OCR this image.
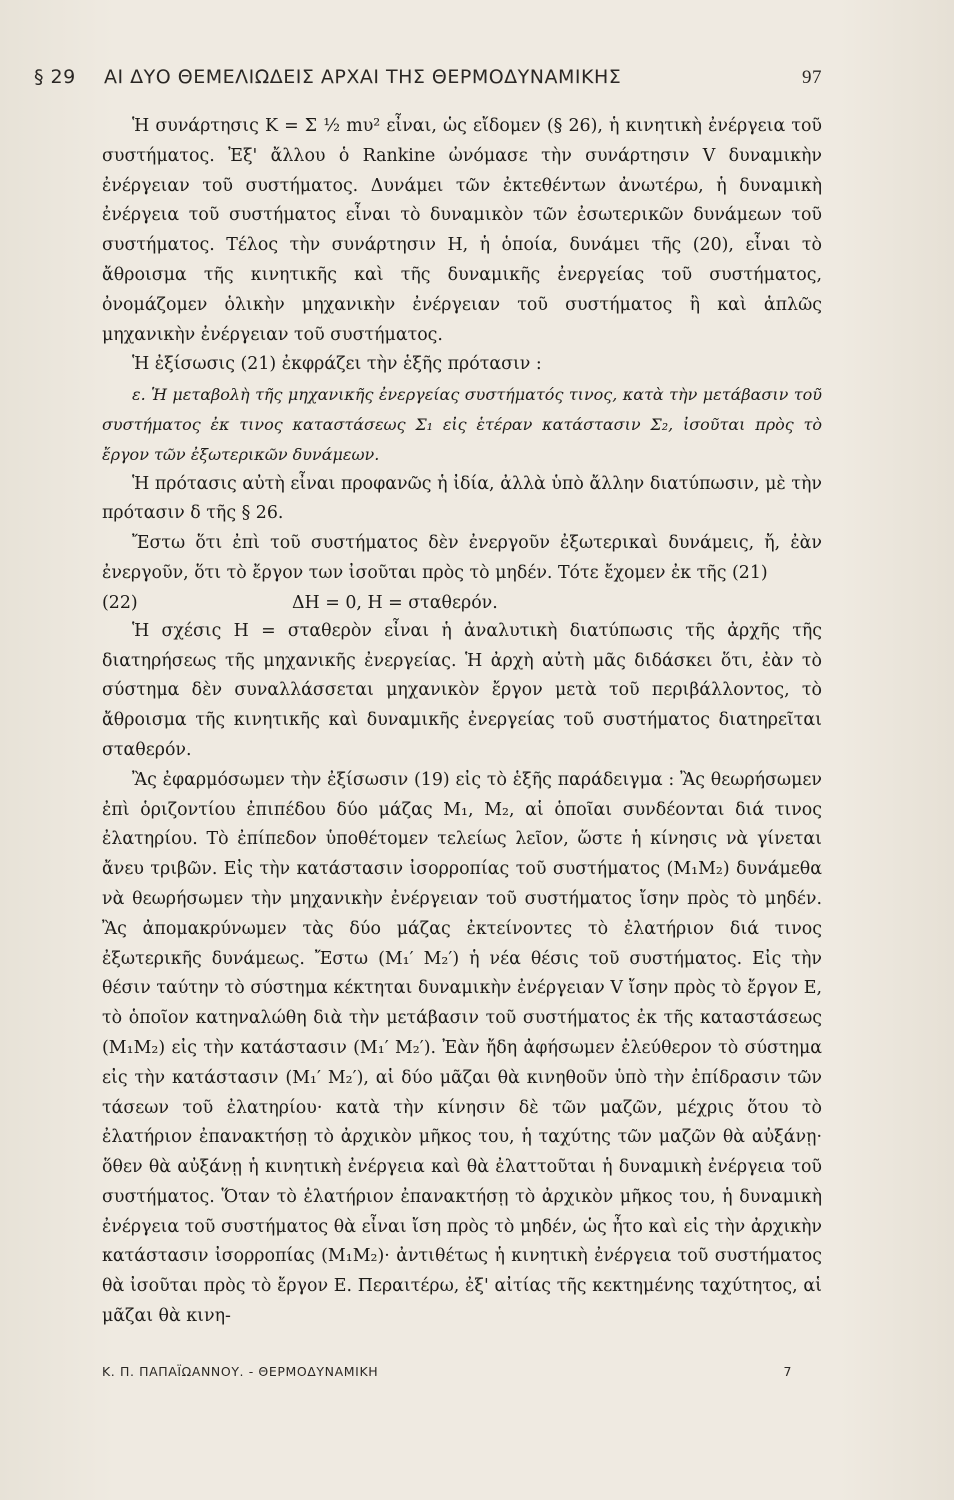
§ 29	ΑΙ ΔΥΟ ΘΕΜΕΛΙΩΔΕΙΣ ΑΡΧΑΙ ΤΗΣ ΘΕΡΜΟΔΥΝΑΜΙΚΗΣ	97

Ἡ συνάρτησις K = Σ ½ mυ² εἶναι, ὡς εἴδομεν (§ 26), ἡ κινητικὴ ἐνέργεια τοῦ συστήματος. Ἐξ' ἄλλου ὁ Rankine ὠνόμασε τὴν συνάρτησιν V δυναμικὴν ἐνέργειαν τοῦ συστήματος. Δυνάμει τῶν ἐκτεθέντων ἀνωτέρω, ἡ δυναμικὴ ἐνέργεια τοῦ συστήματος εἶναι τὸ δυναμικὸν τῶν ἐσωτερικῶν δυνάμεων τοῦ συστήματος. Τέλος τὴν συνάρτησιν H, ἡ ὁποία, δυνάμει τῆς (20), εἶναι τὸ ἄθροισμα τῆς κινητικῆς καὶ τῆς δυναμικῆς ἐνεργείας τοῦ συστήματος, ὀνομάζομεν ὁλικὴν μηχανικὴν ἐνέργειαν τοῦ συστήματος ἢ καὶ ἁπλῶς μηχανικὴν ἐνέργειαν τοῦ συστήματος.

Ἡ ἐξίσωσις (21) ἐκφράζει τὴν ἑξῆς πρότασιν :

ε. Ἡ μεταβολὴ τῆς μηχανικῆς ἐνεργείας συστήματός τινος, κατὰ τὴν μετάβασιν τοῦ συστήματος ἐκ τινος καταστάσεως Σ₁ εἰς ἑτέραν κατάστασιν Σ₂, ἰσοῦται πρὸς τὸ ἔργον τῶν ἐξωτερικῶν δυνάμεων.

Ἡ πρότασις αὐτὴ εἶναι προφανῶς ἡ ἰδία, ἀλλὰ ὑπὸ ἄλλην διατύπωσιν, μὲ τὴν πρότασιν δ τῆς § 26.

Ἔστω ὅτι ἐπὶ τοῦ συστήματος δὲν ἐνεργοῦν ἐξωτερικαὶ δυνάμεις, ἤ, ἐὰν ἐνεργοῦν, ὅτι τὸ ἔργον των ἰσοῦται πρὸς τὸ μηδέν. Τότε ἔχομεν ἐκ τῆς (21)

(22)	ΔH = 0, H = σταθερόν.

Ἡ σχέσις H = σταθερὸν εἶναι ἡ ἀναλυτικὴ διατύπωσις τῆς ἀρχῆς τῆς διατηρήσεως τῆς μηχανικῆς ἐνεργείας. Ἡ ἀρχὴ αὐτὴ μᾶς διδάσκει ὅτι, ἐὰν τὸ σύστημα δὲν συναλλάσσεται μηχανικὸν ἔργον μετὰ τοῦ περιβάλλοντος, τὸ ἄθροισμα τῆς κινητικῆς καὶ δυναμικῆς ἐνεργείας τοῦ συστήματος διατηρεῖται σταθερόν.

Ἂς ἐφαρμόσωμεν τὴν ἐξίσωσιν (19) εἰς τὸ ἑξῆς παράδειγμα : Ἂς θεωρήσωμεν ἐπὶ ὁριζοντίου ἐπιπέδου δύο μάζας M₁, M₂, αἱ ὁποῖαι συνδέονται διά τινος ἐλατηρίου. Τὸ ἐπίπεδον ὑποθέτομεν τελείως λεῖον, ὥστε ἡ κίνησις νὰ γίνεται ἄνευ τριβῶν. Εἰς τὴν κατάστασιν ἰσορροπίας τοῦ συστήματος (M₁M₂) δυνάμεθα νὰ θεωρήσωμεν τὴν μηχανικὴν ἐνέργειαν τοῦ συστήματος ἴσην πρὸς τὸ μηδέν. Ἂς ἀπομακρύνωμεν τὰς δύο μάζας ἐκτείνοντες τὸ ἐλατήριον διά τινος ἐξωτερικῆς δυνάμεως. Ἔστω (M₁′ M₂′) ἡ νέα θέσις τοῦ συστήματος. Εἰς τὴν θέσιν ταύτην τὸ σύστημα κέκτηται δυναμικὴν ἐνέργειαν V ἴσην πρὸς τὸ ἔργον E, τὸ ὁποῖον κατηναλώθη διὰ τὴν μετάβασιν τοῦ συστήματος ἐκ τῆς καταστάσεως (M₁M₂) εἰς τὴν κατάστασιν (M₁′ M₂′). Ἐὰν ἤδη ἀφήσωμεν ἐλεύθερον τὸ σύστημα εἰς τὴν κατάστασιν (M₁′ M₂′), αἱ δύο μᾶζαι θὰ κινηθοῦν ὑπὸ τὴν ἐπίδρασιν τῶν τάσεων τοῦ ἐλατηρίου· κατὰ τὴν κίνησιν δὲ τῶν μαζῶν, μέχρις ὅτου τὸ ἐλατήριον ἐπανακτήσῃ τὸ ἀρχικὸν μῆκος του, ἡ ταχύτης τῶν μαζῶν θὰ αὐξάνῃ· ὅθεν θὰ αὐξάνῃ ἡ κινητικὴ ἐνέργεια καὶ θὰ ἐλαττοῦται ἡ δυναμικὴ ἐνέργεια τοῦ συστήματος. Ὅταν τὸ ἐλατήριον ἐπανακτήσῃ τὸ ἀρχικὸν μῆκος του, ἡ δυναμικὴ ἐνέργεια τοῦ συστήματος θὰ εἶναι ἴση πρὸς τὸ μηδέν, ὡς ἦτο καὶ εἰς τὴν ἀρχικὴν κατάστασιν ἰσορροπίας (M₁M₂)· ἀντιθέτως ἡ κινητικὴ ἐνέργεια τοῦ συστήματος θὰ ἰσοῦται πρὸς τὸ ἔργον E. Περαιτέρω, ἐξ' αἰτίας τῆς κεκτημένης ταχύτητος, αἱ μᾶζαι θὰ κινη-

Κ. Π. ΠΑΠΑΪΩΑΝΝΟΥ. - ΘΕΡΜΟΔΥΝΑΜΙΚΗ	7
